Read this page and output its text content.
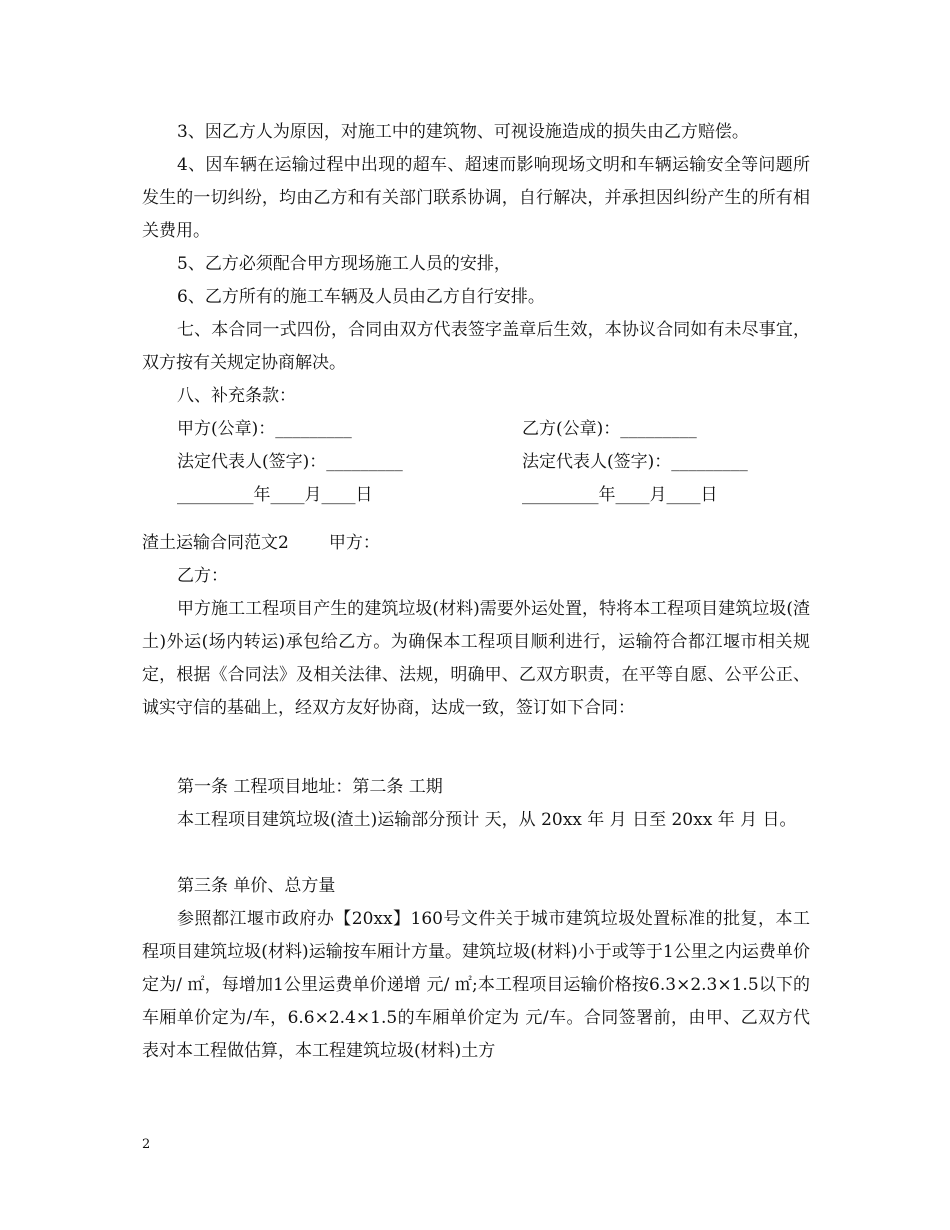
3、因乙方人为原因，对施工中的建筑物、可视设施造成的损失由乙方赔偿。

4、因车辆在运输过程中出现的超车、超速而影响现场文明和车辆运输安全等问题所发生的一切纠纷，均由乙方和有关部门联系协调，自行解决，并承担因纠纷产生的所有相关费用。

5、乙方必须配合甲方现场施工人员的安排，

6、乙方所有的施工车辆及人员由乙方自行安排。

七、本合同一式四份，合同由双方代表签字盖章后生效，本协议合同如有未尽事宜，双方按有关规定协商解决。

八、补充条款：

甲方(公章)：_________	乙方(公章)：_________
法定代表人(签字)：_________	法定代表人(签字)：_________
_________年____月____日	_________年____月____日
渣土运输合同范文2 甲方：

乙方：

甲方施工工程项目产生的建筑垃圾(材料)需要外运处置，特将本工程项目建筑垃圾(渣土)外运(场内转运)承包给乙方。为确保本工程项目顺利进行，运输符合都江堰市相关规定，根据《合同法》及相关法律、法规，明确甲、乙双方职责，在平等自愿、公平公正、诚实守信的基础上，经双方友好协商，达成一致，签订如下合同：

第一条 工程项目地址：第二条 工期

本工程项目建筑垃圾(渣土)运输部分预计 天，从 20xx 年 月 日至 20xx 年 月 日。

第三条 单价、总方量

参照都江堰市政府办【20xx】160号文件关于城市建筑垃圾处置标准的批复，本工程项目建筑垃圾(材料)运输按车厢计方量。建筑垃圾(材料)小于或等于1公里之内运费单价定为/ ㎡，每增加1公里运费单价递增 元/ ㎡;本工程项目运输价格按6.3×2.3×1.5以下的车厢单价定为/车，6.6×2.4×1.5的车厢单价定为 元/车。合同签署前，由甲、乙双方代表对本工程做估算，本工程建筑垃圾(材料)土方

2
